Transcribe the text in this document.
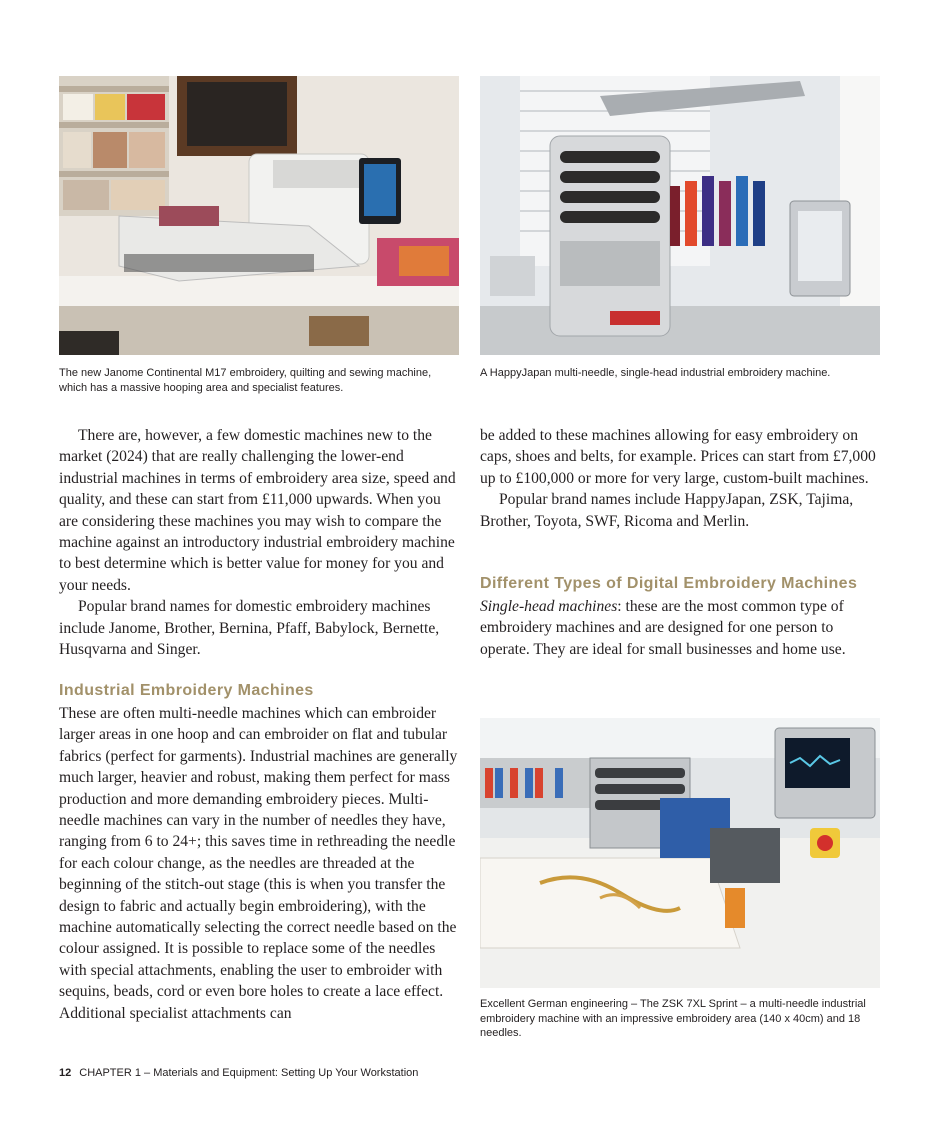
The new Janome Continental M17 embroidery, quilting and sewing machine, which has a massive hooping area and specialist features.

A HappyJapan multi-needle, single-head industrial embroidery machine.

There are, however, a few domestic machines new to the market (2024) that are really challenging the lower-end industrial machines in terms of embroidery area size, speed and quality, and these can start from £11,000 upwards. When you are considering these machines you may wish to compare the machine against an introductory industrial embroidery machine to best determine which is better value for money for you and your needs.

Popular brand names for domestic embroidery machines include Janome, Brother, Bernina, Pfaff, Babylock, Bernette, Husqvarna and Singer.

Industrial Embroidery Machines

These are often multi-needle machines which can embroider larger areas in one hoop and can embroider on flat and tubular fabrics (perfect for garments). Industrial machines are generally much larger, heavier and robust, making them perfect for mass production and more demanding embroidery pieces. Multi-needle machines can vary in the number of needles they have, ranging from 6 to 24+; this saves time in rethreading the needle for each colour change, as the needles are threaded at the beginning of the stitch-out stage (this is when you transfer the design to fabric and actually begin embroidering), with the machine automatically selecting the correct needle based on the colour assigned. It is possible to replace some of the needles with special attachments, enabling the user to embroider with sequins, beads, cord or even bore holes to create a lace effect. Additional specialist attachments can

be added to these machines allowing for easy embroidery on caps, shoes and belts, for example. Prices can start from £7,000 up to £100,000 or more for very large, custom-built machines.

Popular brand names include HappyJapan, ZSK, Tajima, Brother, Toyota, SWF, Ricoma and Merlin.

Different Types of Digital Embroidery Machines

Single-head machines: these are the most common type of embroidery machines and are designed for one person to operate. They are ideal for small businesses and home use.

Excellent German engineering – The ZSK 7XL Sprint – a multi-needle industrial embroidery machine with an impressive embroidery area (140 x 40cm) and 18 needles.

12 CHAPTER 1 – Materials and Equipment: Setting Up Your Workstation
